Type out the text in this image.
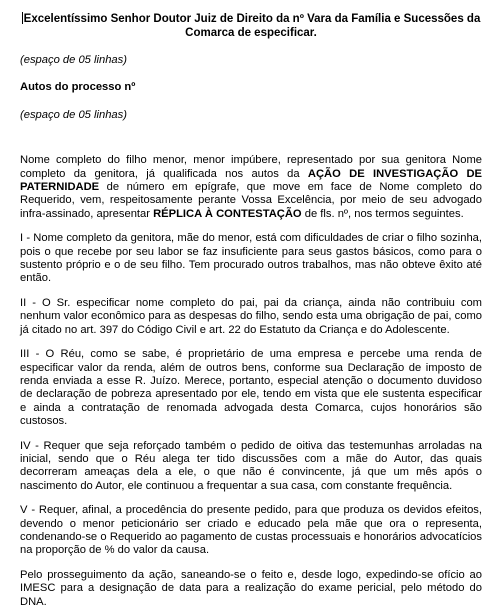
Excelentíssimo Senhor Doutor Juiz de Direito da nº Vara da Família e Sucessões da Comarca de especificar.
(espaço de 05 linhas)
Autos do processo nº
(espaço de 05 linhas)

Nome completo do filho menor, menor impúbere, representado por sua genitora Nome completo da genitora, já qualificada nos autos da AÇÃO DE INVESTIGAÇÃO DE PATERNIDADE de número em epígrafe, que move em face de Nome completo do Requerido, vem, respeitosamente perante Vossa Excelência, por meio de seu advogado infra-assinado, apresentar RÉPLICA À CONTESTAÇÃO de fls. nº, nos termos seguintes.

I - Nome completo da genitora, mãe do menor, está com dificuldades de criar o filho sozinha, pois o que recebe por seu labor se faz insuficiente para seus gastos básicos, como para o sustento próprio e o de seu filho. Tem procurado outros trabalhos, mas não obteve êxito até então.

II - O Sr. especificar nome completo do pai, pai da criança, ainda não contribuiu com nenhum valor econômico para as despesas do filho, sendo esta uma obrigação de pai, como já citado no art. 397 do Código Civil e art. 22 do Estatuto da Criança e do Adolescente.

III - O Réu, como se sabe, é proprietário de uma empresa e percebe uma renda de especificar valor da renda, além de outros bens, conforme sua Declaração de imposto de renda enviada a esse R. Juízo. Merece, portanto, especial atenção o documento duvidoso de declaração de pobreza apresentado por ele, tendo em vista que ele sustenta especificar e ainda a contratação de renomada advogada desta Comarca, cujos honorários são custosos.

IV - Requer que seja reforçado também o pedido de oitiva das testemunhas arroladas na inicial, sendo que o Réu alega ter tido discussões com a mãe do Autor, das quais decorreram ameaças dela a ele, o que não é convincente, já que um mês após o nascimento do Autor, ele continuou a frequentar a sua casa, com constante frequência.

V - Requer, afinal, a procedência do presente pedido, para que produza os devidos efeitos, devendo o menor peticionário ser criado e educado pela mãe que ora o representa, condenando-se o Requerido ao pagamento de custas processuais e honorários advocatícios na proporção de % do valor da causa.

Pelo prosseguimento da ação, saneando-se o feito e, desde logo, expedindo-se ofício ao IMESC para a designação de data para a realização do exame pericial, pelo método do DNA.
